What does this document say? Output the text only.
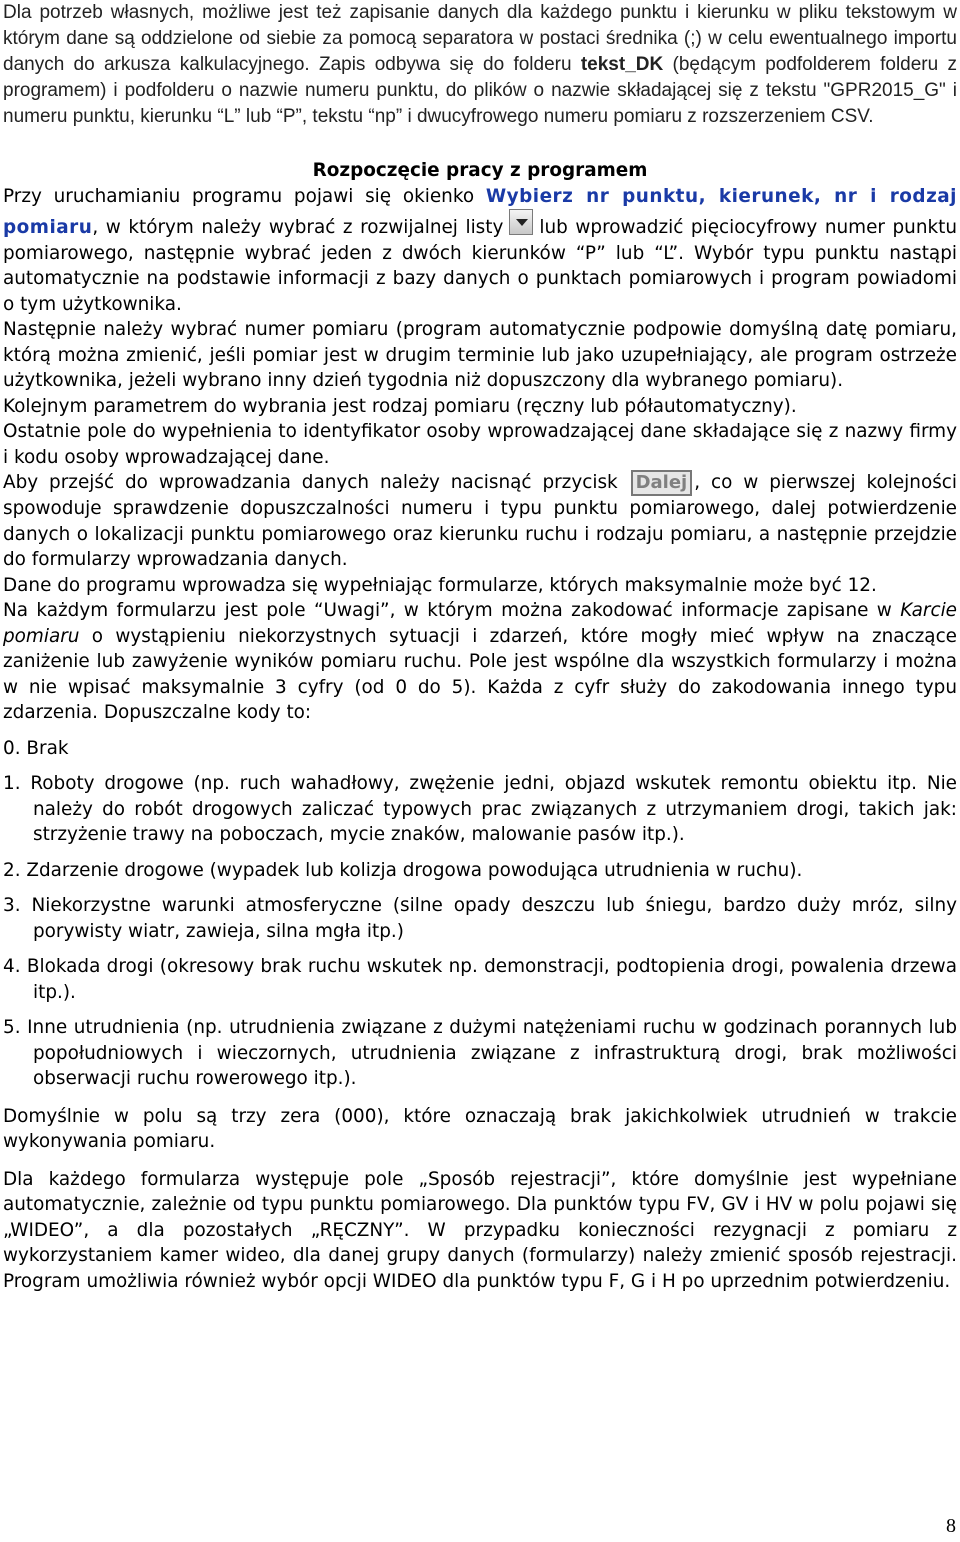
Dla potrzeb własnych, możliwe jest też zapisanie danych dla każdego punktu i kierunku w pliku tekstowym w którym dane są oddzielone od siebie za pomocą separatora w postaci średnika (;) w celu ewentualnego importu danych do arkusza kalkulacyjnego. Zapis odbywa się do folderu tekst_DK (będącym podfolderem folderu z programem) i podfolderu o nazwie numeru punktu, do plików o nazwie składającej się z tekstu "GPR2015_G" i numeru punktu, kierunku “L” lub “P”, tekstu “np” i dwucyfrowego numeru pomiaru z rozszerzeniem CSV.

Rozpoczęcie pracy z programem

Przy uruchamianiu programu pojawi się okienko Wybierz nr punktu, kierunek, nr i rodzaj pomiaru, w którym należy wybrać z rozwijalnej listy lub wprowadzić pięciocyfrowy numer punktu pomiarowego, następnie wybrać jeden z dwóch kierunków “P” lub “L”. Wybór typu punktu nastąpi automatycznie na podstawie informacji z bazy danych o punktach pomiarowych i program powiadomi o tym użytkownika.

Następnie należy wybrać numer pomiaru (program automatycznie podpowie domyślną datę pomiaru, którą można zmienić, jeśli pomiar jest w drugim terminie lub jako uzupełniający, ale program ostrzeże użytkownika, jeżeli wybrano inny dzień tygodnia niż dopuszczony dla wybranego pomiaru).

Kolejnym parametrem do wybrania jest rodzaj pomiaru (ręczny lub półautomatyczny).

Ostatnie pole do wypełnienia to identyfikator osoby wprowadzającej dane składające się z nazwy firmy i kodu osoby wprowadzającej dane.

Aby przejść do wprowadzania danych należy nacisnąć przycisk Dalej , co w pierwszej kolejności spowoduje sprawdzenie dopuszczalności numeru i typu punktu pomiarowego, dalej potwierdzenie danych o lokalizacji punktu pomiarowego oraz kierunku ruchu i rodzaju pomiaru, a następnie przejdzie do formularzy wprowadzania danych.

Dane do programu wprowadza się wypełniając formularze, których maksymalnie może być 12.

Na każdym formularzu jest pole “Uwagi”, w którym można zakodować informacje zapisane w Karcie pomiaru o wystąpieniu niekorzystnych sytuacji i zdarzeń, które mogły mieć wpływ na znaczące zaniżenie lub zawyżenie wyników pomiaru ruchu. Pole jest wspólne dla wszystkich formularzy i można w nie wpisać maksymalnie 3 cyfry (od 0 do 5). Każda z cyfr służy do zakodowania innego typu zdarzenia. Dopuszczalne kody to:

0. Brak
1. Roboty drogowe (np. ruch wahadłowy, zwężenie jedni, objazd wskutek remontu obiektu itp. Nie należy do robót drogowych zaliczać typowych prac związanych z utrzymaniem drogi, takich jak: strzyżenie trawy na poboczach, mycie znaków, malowanie pasów itp.).
2. Zdarzenie drogowe (wypadek lub kolizja drogowa powodująca utrudnienia w ruchu).
3. Niekorzystne warunki atmosferyczne (silne opady deszczu lub śniegu, bardzo duży mróz, silny porywisty wiatr, zawieja, silna mgła itp.)
4. Blokada drogi (okresowy brak ruchu wskutek np. demonstracji, podtopienia drogi, powalenia drzewa itp.).
5. Inne utrudnienia (np. utrudnienia związane z dużymi natężeniami ruchu w godzinach porannych lub popołudniowych i wieczornych, utrudnienia związane z infrastrukturą drogi, brak możliwości obserwacji ruchu rowerowego itp.).

Domyślnie w polu są trzy zera (000), które oznaczają brak jakichkolwiek utrudnień w trakcie wykonywania pomiaru.

Dla każdego formularza występuje pole „Sposób rejestracji”, które domyślnie jest wypełniane automatycznie, zależnie od typu punktu pomiarowego. Dla punktów typu FV, GV i HV w polu pojawi się „WIDEO”, a dla pozostałych „RĘCZNY”. W przypadku konieczności rezygnacji z pomiaru z wykorzystaniem kamer wideo, dla danej grupy danych (formularzy) należy zmienić sposób rejestracji. Program umożliwia również wybór opcji WIDEO dla punktów typu F, G i H po uprzednim potwierdzeniu.

8
